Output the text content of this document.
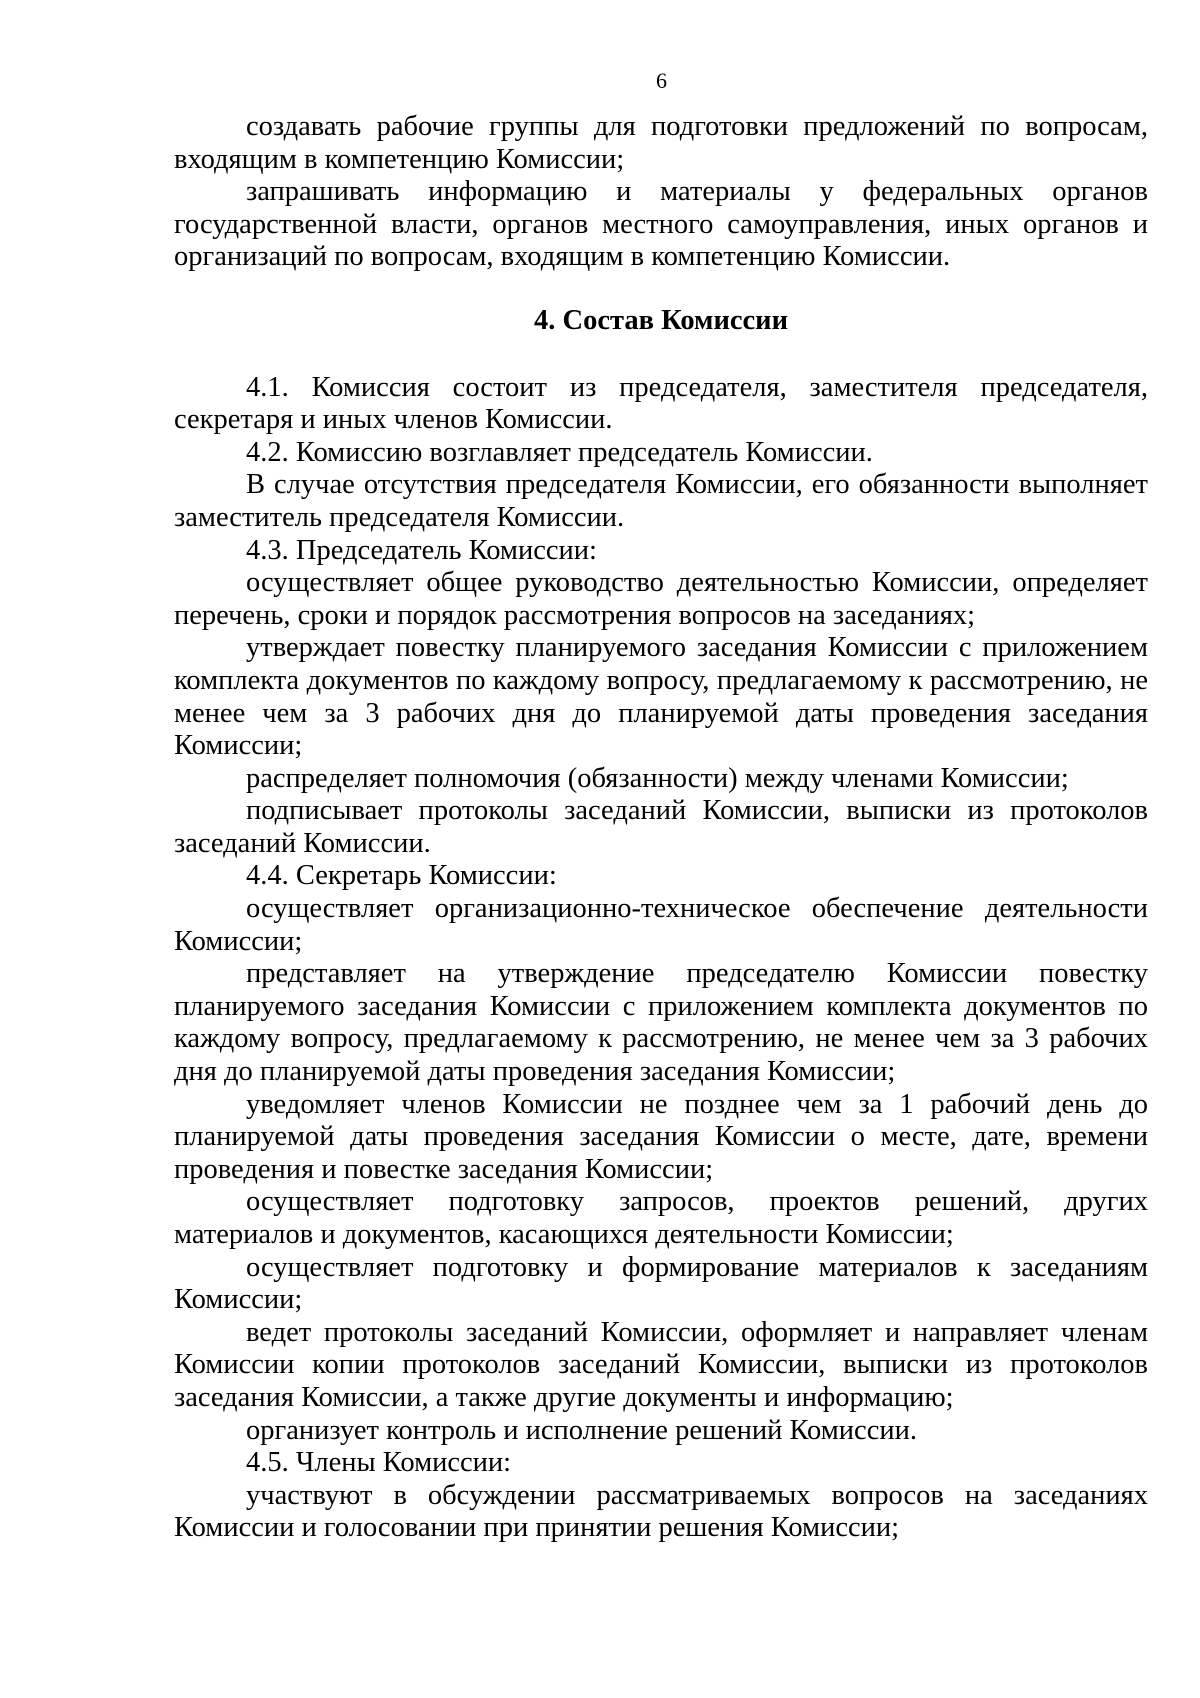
6

создавать рабочие группы для подготовки предложений по вопросам, входящим в компетенцию Комиссии;

запрашивать информацию и материалы у федеральных органов государственной власти, органов местного самоуправления, иных органов и организаций по вопросам, входящим в компетенцию Комиссии.

4. Состав Комиссии

4.1. Комиссия состоит из председателя, заместителя председателя, секретаря и иных членов Комиссии.

4.2. Комиссию возглавляет председатель Комиссии.

В случае отсутствия председателя Комиссии, его обязанности выполняет заместитель председателя Комиссии.

4.3. Председатель Комиссии:

осуществляет общее руководство деятельностью Комиссии, определяет перечень, сроки и порядок рассмотрения вопросов на заседаниях;

утверждает повестку планируемого заседания Комиссии с приложением комплекта документов по каждому вопросу, предлагаемому к рассмотрению, не менее чем за 3 рабочих дня до планируемой даты проведения заседания Комиссии;

распределяет полномочия (обязанности) между членами Комиссии;

подписывает протоколы заседаний Комиссии, выписки из протоколов заседаний Комиссии.

4.4. Секретарь Комиссии:

осуществляет организационно-техническое обеспечение деятельности Комиссии;

представляет на утверждение председателю Комиссии повестку планируемого заседания Комиссии с приложением комплекта документов по каждому вопросу, предлагаемому к рассмотрению, не менее чем за 3 рабочих дня до планируемой даты проведения заседания Комиссии;

уведомляет членов Комиссии не позднее чем за 1 рабочий день до планируемой даты проведения заседания Комиссии о месте, дате, времени проведения и повестке заседания Комиссии;

осуществляет подготовку запросов, проектов решений, других материалов и документов, касающихся деятельности Комиссии;

осуществляет подготовку и формирование материалов к заседаниям Комиссии;

ведет протоколы заседаний Комиссии, оформляет и направляет членам Комиссии копии протоколов заседаний Комиссии, выписки из протоколов заседания Комиссии, а также другие документы и информацию;

организует контроль и исполнение решений Комиссии.

4.5. Члены Комиссии:

участвуют в обсуждении рассматриваемых вопросов на заседаниях Комиссии и голосовании при принятии решения Комиссии;
